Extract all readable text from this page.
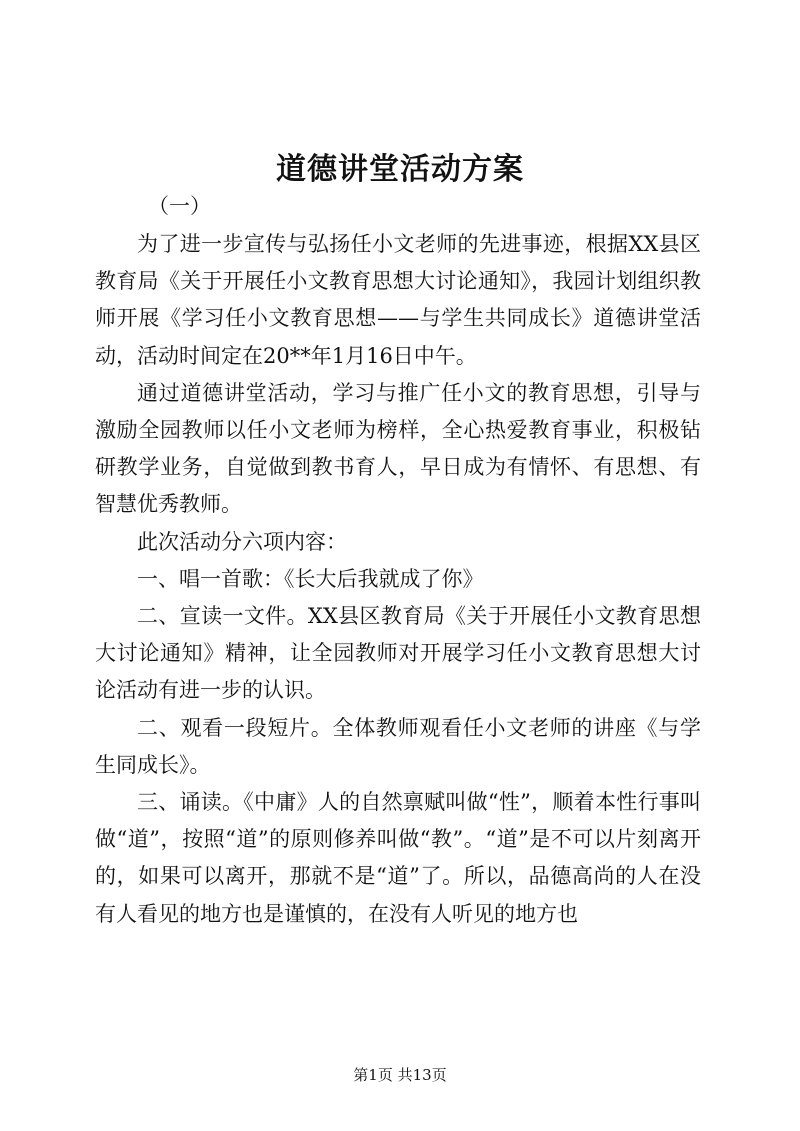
道德讲堂活动方案
（一）

为了进一步宣传与弘扬任小文老师的先进事迹，根据XX县区教育局《关于开展任小文教育思想大讨论通知》，我园计划组织教师开展《学习任小文教育思想——与学生共同成长》道德讲堂活动，活动时间定在20**年1月16日中午。

通过道德讲堂活动，学习与推广任小文的教育思想，引导与激励全园教师以任小文老师为榜样，全心热爱教育事业，积极钻研教学业务，自觉做到教书育人，早日成为有情怀、有思想、有智慧优秀教师。

此次活动分六项内容：

一、唱一首歌：《长大后我就成了你》

二、宣读一文件。XX县区教育局《关于开展任小文教育思想大讨论通知》精神，让全园教师对开展学习任小文教育思想大讨论活动有进一步的认识。

二、观看一段短片。全体教师观看任小文老师的讲座《与学生同成长》。

三、诵读。《中庸》人的自然禀赋叫做“性”，顺着本性行事叫做“道”，按照“道”的原则修养叫做“教”。“道”是不可以片刻离开的，如果可以离开，那就不是“道”了。所以，品德高尚的人在没有人看见的地方也是谨慎的，在没有人听见的地方也

第1页 共13页
